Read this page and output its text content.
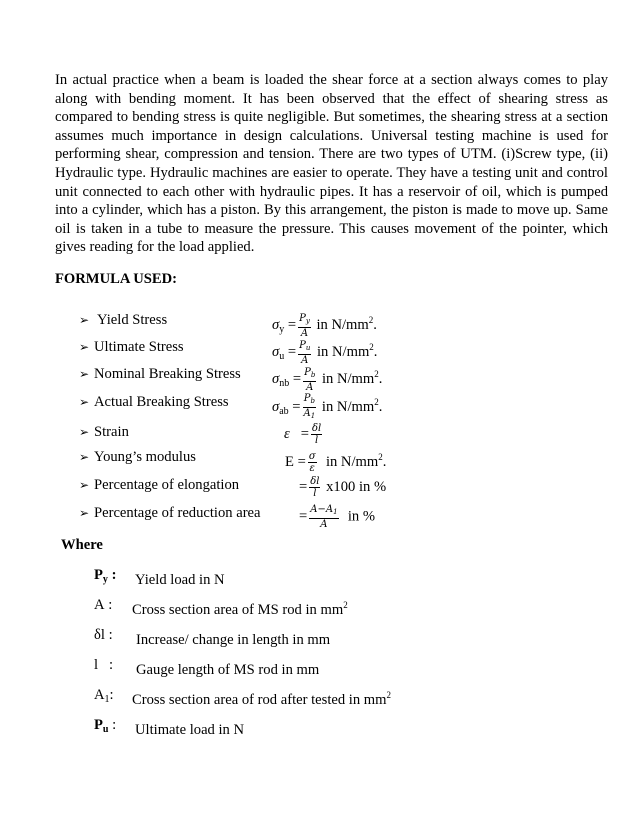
In actual practice when a beam is loaded the shear force at a section always comes to play along with bending moment. It has been observed that the effect of shearing stress as compared to bending stress is quite negligible. But sometimes, the shearing stress at a section assumes much importance in design calculations. Universal testing machine is used for performing shear, compression and tension. There are two types of UTM. (i)Screw type, (ii) Hydraulic type. Hydraulic machines are easier to operate. They have a testing unit and control unit connected to each other with hydraulic pipes. It has a reservoir of oil, which is pumped into a cylinder, which has a piston. By this arrangement, the piston is made to move up. Same oil is taken in a tube to measure the pressure. This causes movement of the pointer, which gives reading for the load applied.

FORMULA USED:
➢ Yield Stress	$\sigma_y = \frac{P_y}{A}$ in $N/mm^2$.
➢ Ultimate Stress	$\sigma_u = \frac{P_u}{A}$ in $N/mm^2$.
➢ Nominal Breaking Stress $\sigma_{nb} = \frac{P_b}{A}$ in $N/mm^2$.
➢ Actual Breaking Stress	$\sigma_{ab} = \frac{P_b}{A_1}$ in $N/mm^2$.
➢ Strain	$\varepsilon = \frac{\delta l}{l}$
➢ Young’s modulus	$E = \frac{\sigma}{\varepsilon}$ in $N/mm^2$.
➢ Percentage of elongation	= $\frac{\delta l}{l} x100$ in %
➢ Percentage of reduction area	= $\frac{A-A_1}{A}$ in %
Where
$P_y$ : Yield load in N
A : Cross section area of MS rod in $mm^2$
δl : Increase/ change in length in mm
l   : Gauge length of MS rod in mm
$A_1$: Cross section area of rod after tested in $mm^2$
$P_u$ : Ultimate load in N
